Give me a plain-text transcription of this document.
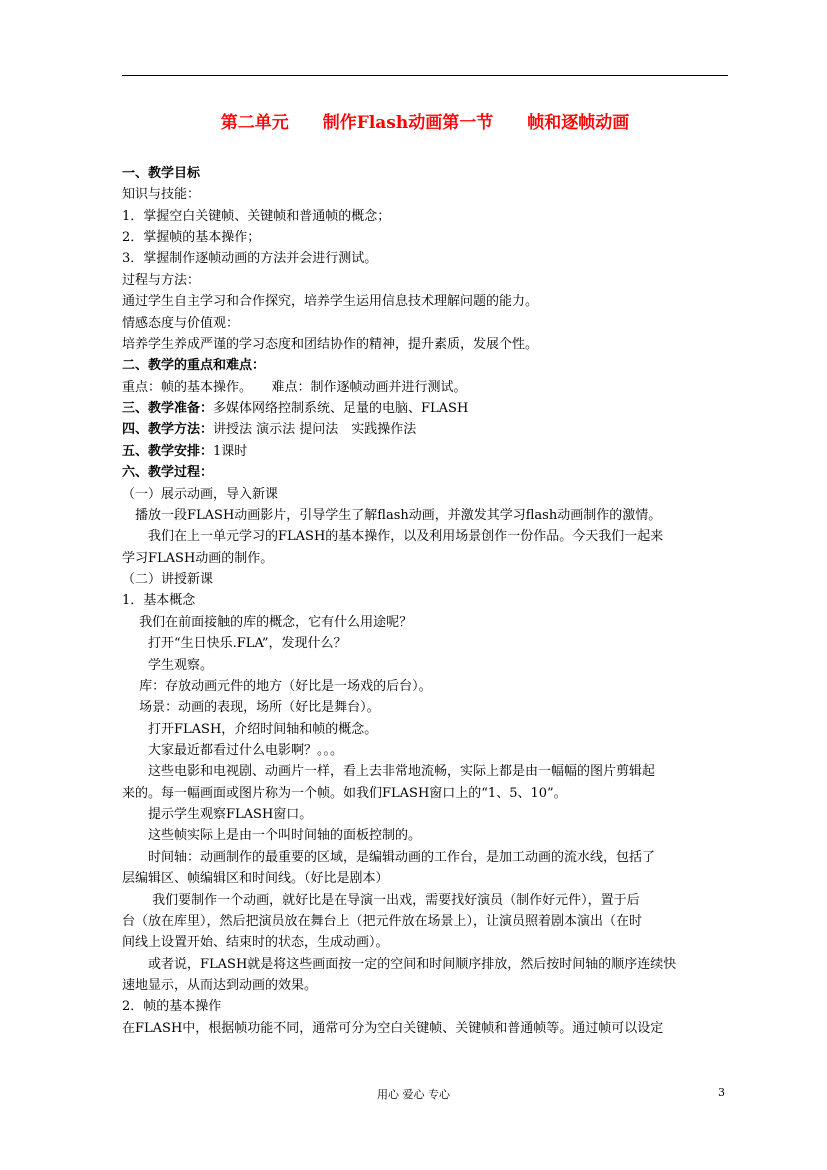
第二单元　　制作Flash动画第一节　　帧和逐帧动画
一、教学目标
知识与技能：
1．掌握空白关键帧、关键帧和普通帧的概念；
2．掌握帧的基本操作；
3．掌握制作逐帧动画的方法并会进行测试。
过程与方法：
通过学生自主学习和合作探究，培养学生运用信息技术理解问题的能力。
情感态度与价值观：
培养学生养成严谨的学习态度和团结协作的精神，提升素质，发展个性。
二、教学的重点和难点：
重点：帧的基本操作。　　难点：制作逐帧动画并进行测试。
三、教学准备：多媒体网络控制系统、足量的电脑、FLASH
四、教学方法：讲授法 演示法 提问法　实践操作法
五、教学安排：1课时
六、教学过程：
（一）展示动画，导入新课
　播放一段FLASH动画影片，引导学生了解flash动画，并激发其学习flash动画制作的激情。
　　我们在上一单元学习的FLASH的基本操作，以及利用场景创作一份作品。今天我们一起来
学习FLASH动画的制作。
（二）讲授新课
1．基本概念
　 我们在前面接触的库的概念，它有什么用途呢？
　　打开“生日快乐.FLA”，发现什么？
　　学生观察。
　 库：存放动画元件的地方（好比是一场戏的后台）。
　 场景：动画的表现，场所（好比是舞台）。
　　打开FLASH，介绍时间轴和帧的概念。
　　大家最近都看过什么电影啊？。。。
　　这些电影和电视剧、动画片一样，看上去非常地流畅，实际上都是由一幅幅的图片剪辑起
来的。每一幅画面或图片称为一个帧。如我们FLASH窗口上的“1、5、10”。
　　提示学生观察FLASH窗口。
　　这些帧实际上是由一个叫时间轴的面板控制的。
　　时间轴：动画制作的最重要的区域，是编辑动画的工作台，是加工动画的流水线，包括了
层编辑区、帧编辑区和时间线。（好比是剧本）
　　 我们要制作一个动画，就好比是在导演一出戏，需要找好演员（制作好元件），置于后
台（放在库里），然后把演员放在舞台上（把元件放在场景上），让演员照着剧本演出（在时
间线上设置开始、结束时的状态，生成动画）。
　　或者说，FLASH就是将这些画面按一定的空间和时间顺序排放，然后按时间轴的顺序连续快
速地显示，从而达到动画的效果。
2．帧的基本操作
在FLASH中，根据帧功能不同，通常可分为空白关键帧、关键帧和普通帧等。通过帧可以设定
用心 爱心 专心	3
